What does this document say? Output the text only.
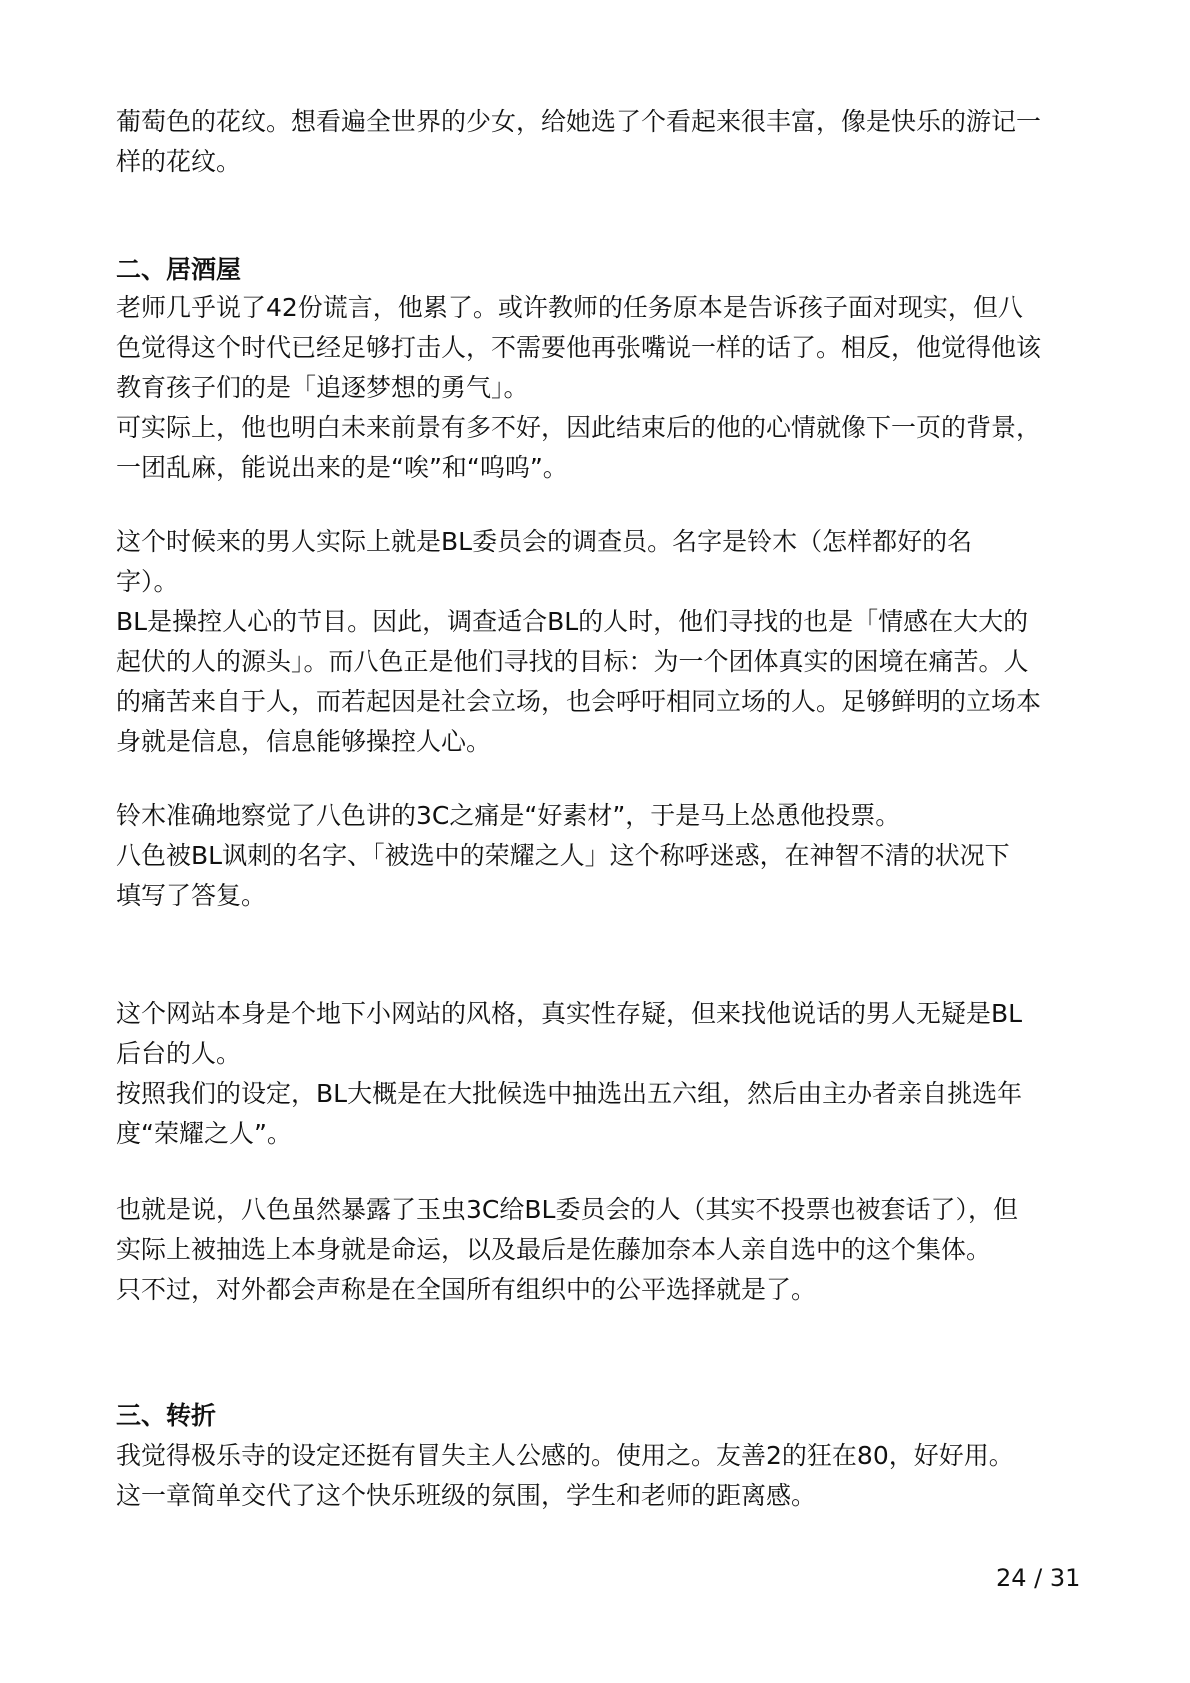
葡萄色的花纹。想看遍全世界的少女，给她选了个看起来很丰富，像是快乐的游记一

样的花纹。

二、居酒屋

老师几乎说了42份谎言，他累了。或许教师的任务原本是告诉孩子面对现实，但八

色觉得这个时代已经足够打击人，不需要他再张嘴说一样的话了。相反，他觉得他该

教育孩子们的是「追逐梦想的勇气」。

可实际上，他也明白未来前景有多不好，因此结束后的他的心情就像下一页的背景，

一团乱麻，能说出来的是“唉”和“呜呜”。

这个时候来的男人实际上就是BL委员会的调查员。名字是铃木（怎样都好的名

字）。

BL是操控人心的节目。因此，调查适合BL的人时，他们寻找的也是「情感在大大的

起伏的人的源头」。而八色正是他们寻找的目标：为一个团体真实的困境在痛苦。人

的痛苦来自于人，而若起因是社会立场，也会呼吁相同立场的人。足够鲜明的立场本

身就是信息，信息能够操控人心。

铃木准确地察觉了八色讲的3C之痛是“好素材”，于是马上怂恿他投票。

八色被BL讽刺的名字、「被选中的荣耀之人」这个称呼迷惑，在神智不清的状况下

填写了答复。

这个网站本身是个地下小网站的风格，真实性存疑，但来找他说话的男人无疑是BL

后台的人。

按照我们的设定，BL大概是在大批候选中抽选出五六组，然后由主办者亲自挑选年

度“荣耀之人”。

也就是说，八色虽然暴露了玉虫3C给BL委员会的人（其实不投票也被套话了），但

实际上被抽选上本身就是命运，以及最后是佐藤加奈本人亲自选中的这个集体。

只不过，对外都会声称是在全国所有组织中的公平选择就是了。

三、转折

我觉得极乐寺的设定还挺有冒失主人公感的。使用之。友善2的狂在80，好好用。

这一章简单交代了这个快乐班级的氛围，学生和老师的距离感。

24 / 31
